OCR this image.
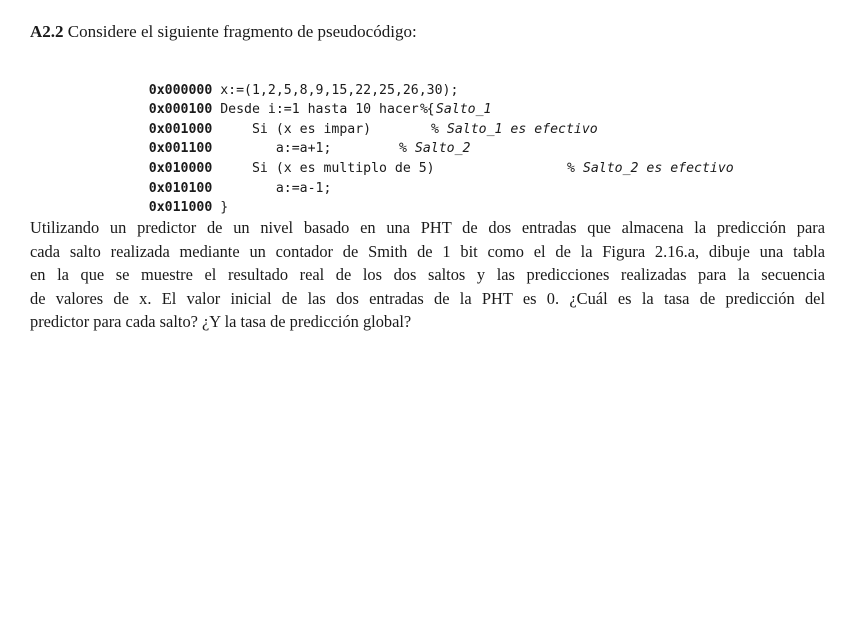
A2.2 Considere el siguiente fragmento de pseudocódigo:

0x000000 x:=(1,2,5,8,9,15,22,25,26,30);

0x000100 Desde i:=1 hasta 10 hacer {

0x001000     Si (x es impar)

% Salto_1

0x001100        a:=a+1;

% Salto_1 es efectivo

0x010000     Si (x es multiplo de 5)

% Salto_2

0x010100        a:=a-1;

% Salto_2 es efectivo

0x011000 }

Utilizando un predictor de un nivel basado en una PHT de dos entradas que almacena la predicción para
cada salto realizada mediante un contador de Smith de 1 bit como el de la Figura 2.16.a, dibuje una tabla
en la que se muestre el resultado real de los dos saltos y las predicciones realizadas para la secuencia
de valores de x. El valor inicial de las dos entradas de la PHT es 0. ¿Cuál es la tasa de predicción del
predictor para cada salto? ¿Y la tasa de predicción global?
